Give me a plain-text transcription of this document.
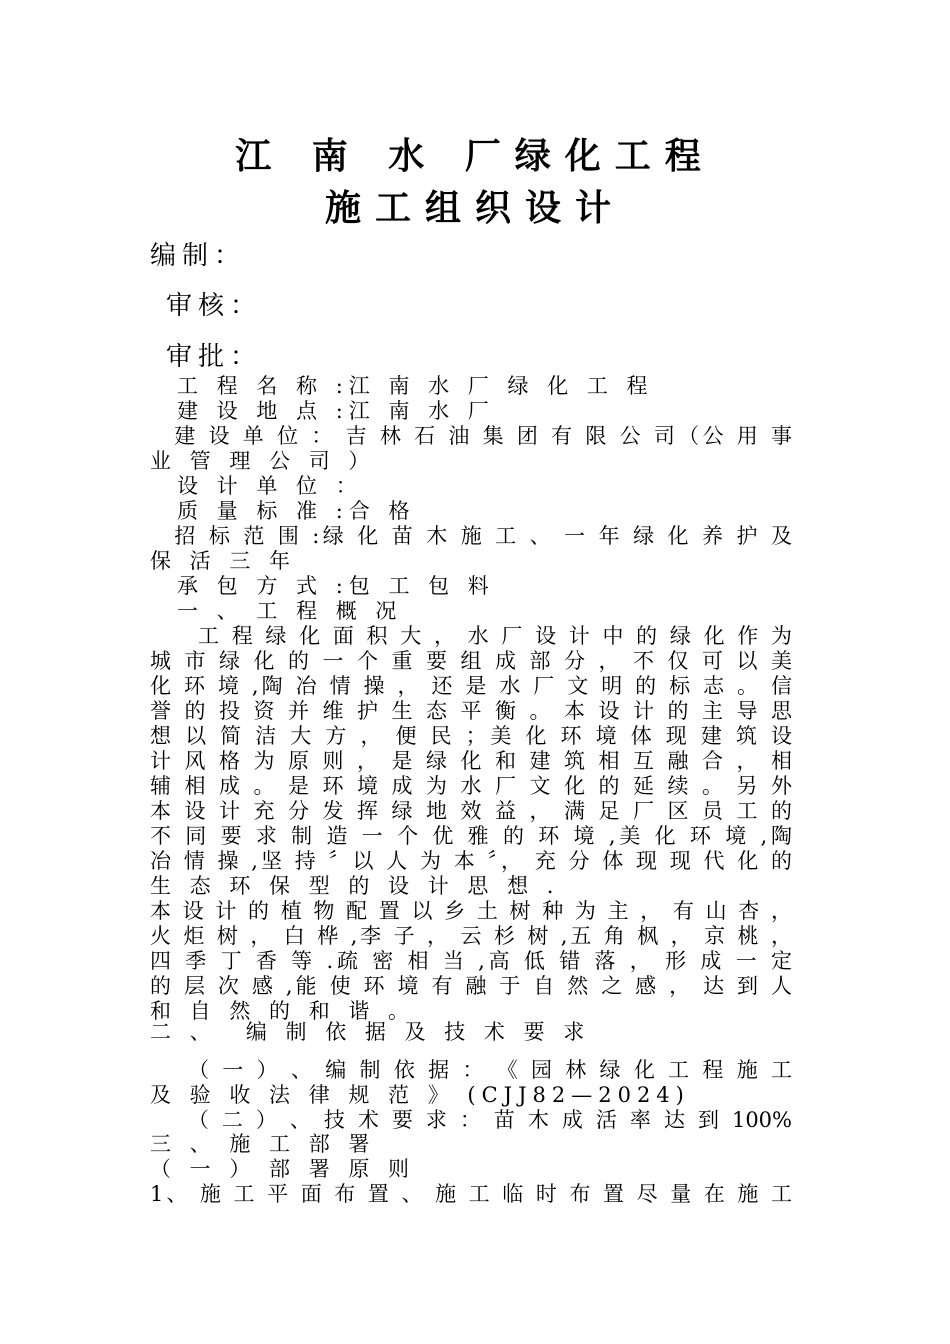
江 南 水 厂绿化工程
施工组织设计
编制：
审核：
审批：
　工 程 名 称 :江 南 水 厂 绿 化 工 程
　建 设 地 点 :江 南 水 厂
　建 设 单 位 ： 吉 林 石 油 集 团 有 限 公 司（公 用 事
业 管 理 公 司 ）
　设 计 单 位 ：
　质 量 标 准 :合 格
　招 标 范 围 :绿 化 苗 木 施 工 、 一 年 绿 化 养 护 及
保 活 三 年
　承 包 方 式 :包 工 包 料
　一 、 工 程 概 况
　　工 程 绿 化 面 积 大 ， 水 厂 设 计 中 的 绿 化 作 为
城 市 绿 化 的 一 个 重 要 组 成 部 分 ， 不 仅 可 以 美
化 环 境 ,陶 冶 情 操 ， 还 是 水 厂 文 明 的 标 志 。 信
誉 的 投 资 并 维 护 生 态 平 衡 。 本 设 计 的 主 导 思
想 以 简 洁 大 方 ， 便 民 ；美 化 环 境 体 现 建 筑 设
计 风 格 为 原 则 ， 是 绿 化 和 建 筑 相 互 融 合 ， 相
辅 相 成 。 是 环 境 成 为 水 厂 文 化 的 延 续 。 另 外
本 设 计 充 分 发 挥 绿 地 效 益 ， 满 足 厂 区 员 工 的
不 同 要 求 制 造 一 个 优 雅 的 环 境 ,美 化 环 境 ,陶
冶 情 操 ,坚 持 〞以 人 为 本 〞， 充 分 体 现 现 代 化 的
生 态 环 保 型 的 设 计 思 想 .
本 设 计 的 植 物 配 置 以 乡 土 树 种 为 主 ， 有 山 杏 ，
火 炬 树 ， 白 桦 ,李 子 ， 云 杉 树 ,五 角 枫 ， 京 桃 ，
四 季 丁 香 等 .疏 密 相 当 ,高 低 错 落 ， 形 成 一 定
的 层 次 感 ,能 使 环 境 有 融 于 自 然 之 感 ， 达 到 人
和 自 然 的 和 谐 。
二 、　 编 制 依 据 及 技 术 要 求
　　（ 一 ） 、 编 制 依 据 ： 《 园 林 绿 化 工 程 施 工
及 验 收 法 律 规 范 》 (CJJ82—2024)
　　（ 二 ） 、 技 术 要 求 ： 苗 木 成 活 率 达 到 100%
三 、 施 工 部 署
（ 一 ） 部 署 原 则
1、 施 工 平 面 布 置 、 施 工 临 时 布 置 尽 量 在 施 工
